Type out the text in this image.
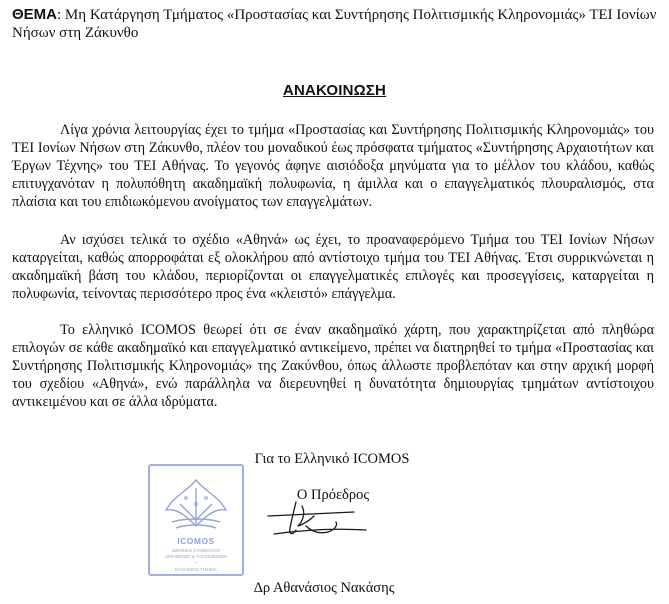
ΘΕΜΑ: Μη Κατάργηση Τμήματος «Προστασίας και Συντήρησης Πολιτισμικής Κληρονομιάς» ΤΕΙ Ιονίων Νήσων στη Ζάκυνθο
ΑΝΑΚΟΙΝΩΣΗ

Λίγα χρόνια λειτουργίας έχει το τμήμα «Προστασίας και Συντήρησης Πολιτισμικής Κληρονομιάς» του ΤΕΙ Ιονίων Νήσων στη Ζάκυνθο, πλέον του μοναδικού έως πρόσφατα τμήματος «Συντήρησης Αρχαιοτήτων και Έργων Τέχνης» του ΤΕΙ Αθήνας. Το γεγονός άφηνε αισιόδοξα μηνύματα για το μέλλον του κλάδου, καθώς επιτυγχανόταν η πολυπόθητη ακαδημαϊκή πολυφωνία, η άμιλλα και ο επαγγελματικός πλουραλισμός, στα πλαίσια και του επιδιωκόμενου ανοίγματος των επαγγελμάτων.

Αν ισχύσει τελικά το σχέδιο «Αθηνά» ως έχει, το προαναφερόμενο Τμήμα του ΤΕΙ Ιονίων Νήσων καταργείται, καθώς απορροφάται εξ ολοκλήρου από αντίστοιχο τμήμα του ΤΕΙ Αθήνας. Έτσι συρρικνώνεται η ακαδημαϊκή βάση του κλάδου, περιορίζονται οι επαγγελματικές επιλογές και προσεγγίσεις, καταργείται η πολυφωνία, τείνοντας περισσότερο προς ένα «κλειστό» επάγγελμα.

Το ελληνικό ICOMOS θεωρεί ότι σε έναν ακαδημαϊκό χάρτη, που χαρακτηρίζεται από πληθώρα επιλογών σε κάθε ακαδημαϊκό και επαγγελματικό αντικείμενο, πρέπει να διατηρηθεί το τμήμα «Προστασίας και Συντήρησης Πολιτισμικής Κληρονομιάς» της Ζακύνθου, όπως άλλωστε προβλεπόταν και στην αρχική μορφή του σχεδίου «Αθηνά», ενώ παράλληλα να διερευνηθεί η δυνατότητα δημιουργίας τμημάτων αντίστοιχου αντικειμένου και σε άλλα ιδρύματα.

Για το Ελληνικό ICOMOS
ICOMOS
ΔΙΕΘΝΕΣ ΣΥΜΒΟΥΛΙΟ
ΜΝΗΜΕΙΩΝ & ΤΟΠΟΘΕΣΙΩΝ
—
ΕΛΛΗΝΙΚΟ ΤΜΗΜΑ
Ο Πρόεδρος
Δρ Αθανάσιος Νακάσης
